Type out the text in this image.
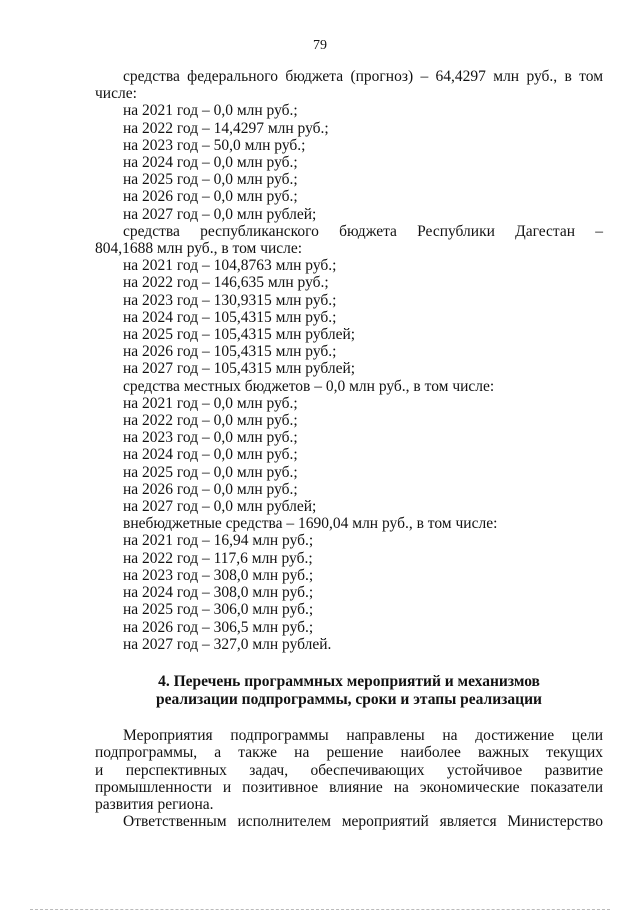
79
средства федерального бюджета (прогноз) – 64,4297 млн руб., в том
числе:
на 2021 год – 0,0 млн руб.;
на 2022 год – 14,4297 млн руб.;
на 2023 год – 50,0 млн руб.;
на 2024 год – 0,0 млн руб.;
на 2025 год – 0,0 млн руб.;
на 2026 год – 0,0 млн руб.;
на 2027 год – 0,0 млн рублей;
средства республиканского бюджета Республики Дагестан –
804,1688 млн руб., в том числе:
на 2021 год – 104,8763 млн руб.;
на 2022 год – 146,635 млн руб.;
на 2023 год – 130,9315 млн руб.;
на 2024 год – 105,4315 млн руб.;
на 2025 год – 105,4315 млн рублей;
на 2026 год – 105,4315 млн руб.;
на 2027 год – 105,4315 млн рублей;
средства местных бюджетов – 0,0 млн руб., в том числе:
на 2021 год – 0,0 млн руб.;
на 2022 год – 0,0 млн руб.;
на 2023 год – 0,0 млн руб.;
на 2024 год – 0,0 млн руб.;
на 2025 год – 0,0 млн руб.;
на 2026 год – 0,0 млн руб.;
на 2027 год – 0,0 млн рублей;
внебюджетные средства – 1690,04 млн руб., в том числе:
на 2021 год – 16,94 млн руб.;
на 2022 год – 117,6 млн руб.;
на 2023 год – 308,0 млн руб.;
на 2024 год – 308,0 млн руб.;
на 2025 год – 306,0 млн руб.;
на 2026 год – 306,5 млн руб.;
на 2027 год – 327,0 млн рублей.
4. Перечень программных мероприятий и механизмов
реализации подпрограммы, сроки и этапы реализации
Мероприятия подпрограммы направлены на достижение цели
подпрограммы, а также на решение наиболее важных текущих
и перспективных задач, обеспечивающих устойчивое развитие
промышленности и позитивное влияние на экономические показатели
развития региона.
Ответственным исполнителем мероприятий является Министерство
